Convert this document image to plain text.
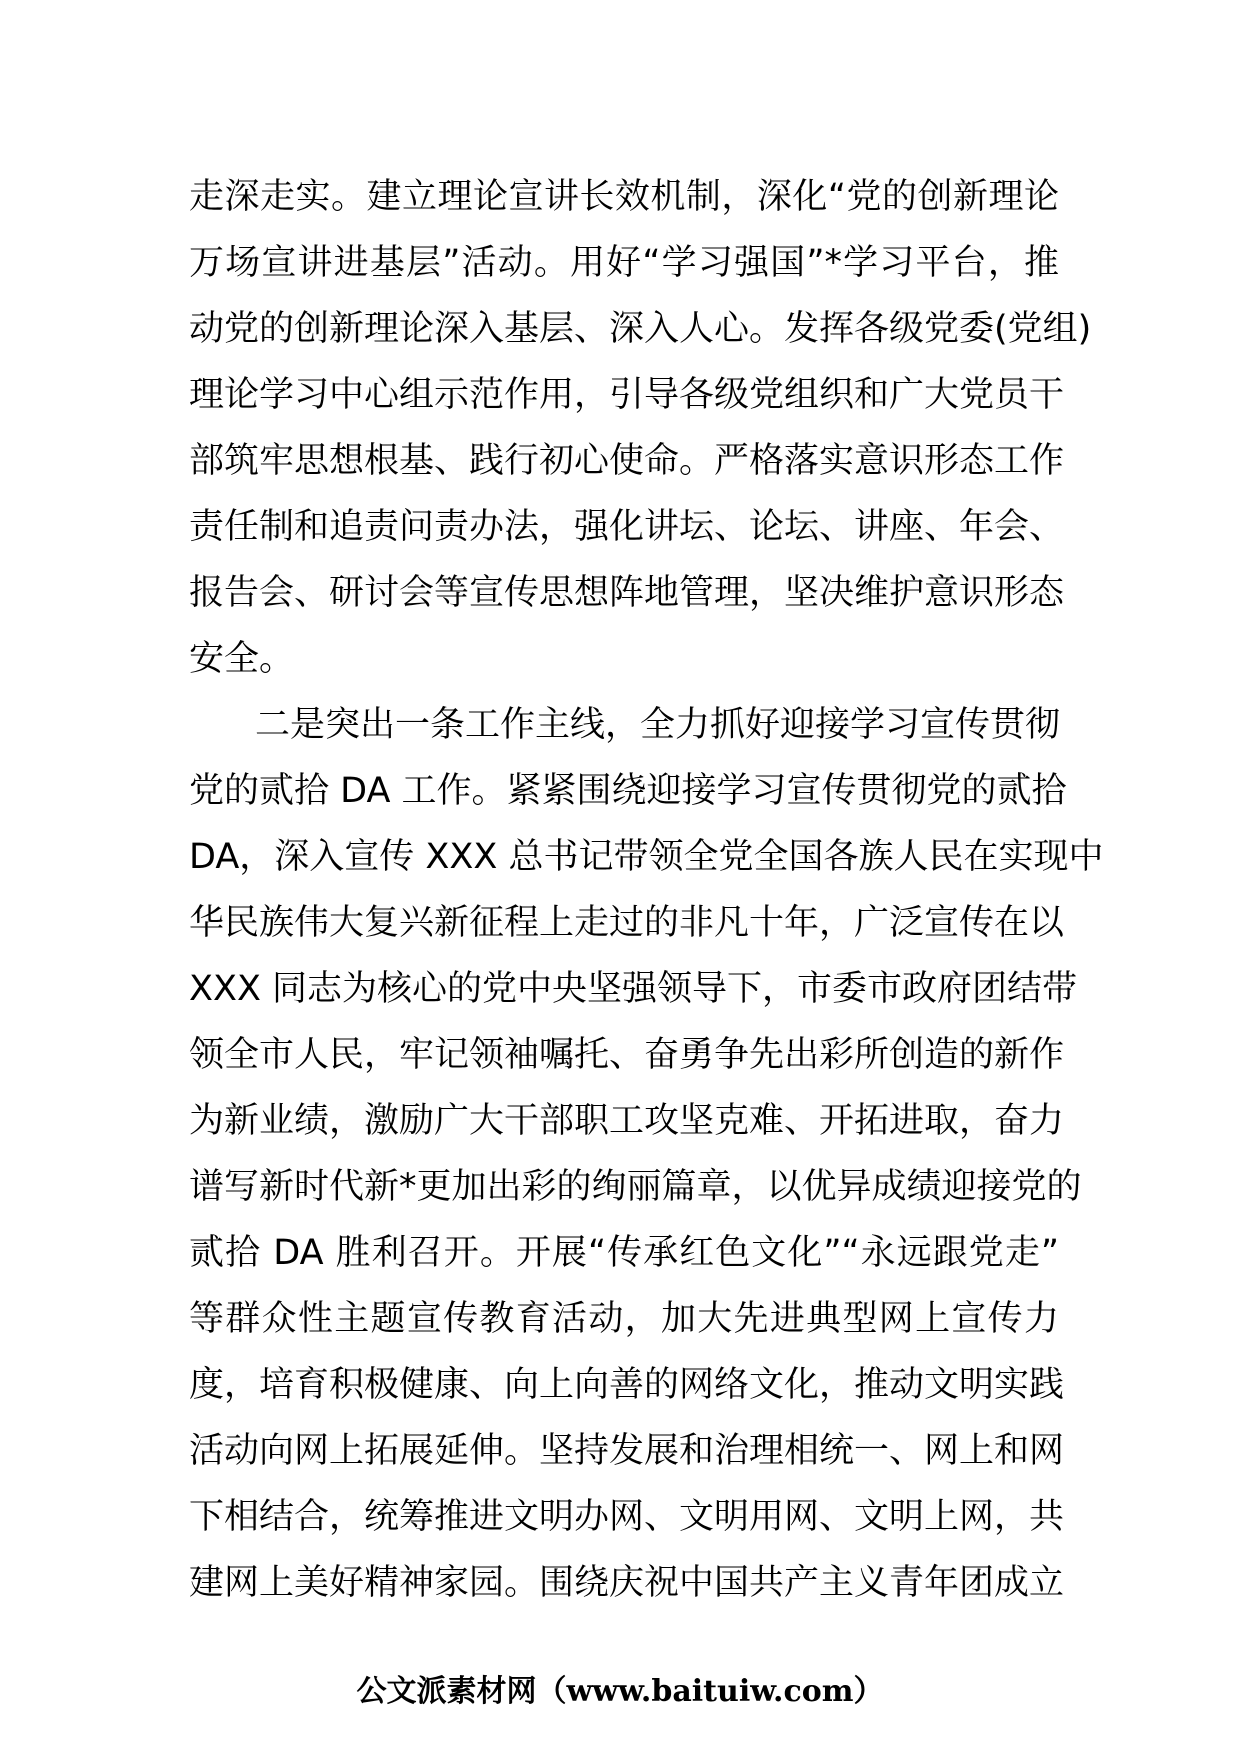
走深走实。建立理论宣讲长效机制，深化“党的创新理论
万场宣讲进基层”活动。用好“学习强国”*学习平台，推
动党的创新理论深入基层、深入人心。发挥各级党委(党组)
理论学习中心组示范作用，引导各级党组织和广大党员干
部筑牢思想根基、践行初心使命。严格落实意识形态工作
责任制和追责问责办法，强化讲坛、论坛、讲座、年会、
报告会、研讨会等宣传思想阵地管理，坚决维护意识形态
安全。
二是突出一条工作主线，全力抓好迎接学习宣传贯彻
党的贰拾 DA 工作。紧紧围绕迎接学习宣传贯彻党的贰拾
DA，深入宣传 XXX 总书记带领全党全国各族人民在实现中
华民族伟大复兴新征程上走过的非凡十年，广泛宣传在以
XXX 同志为核心的党中央坚强领导下，市委市政府团结带
领全市人民，牢记领袖嘱托、奋勇争先出彩所创造的新作
为新业绩，激励广大干部职工攻坚克难、开拓进取，奋力
谱写新时代新*更加出彩的绚丽篇章，以优异成绩迎接党的
贰拾 DA 胜利召开。开展“传承红色文化”“永远跟党走”
等群众性主题宣传教育活动，加大先进典型网上宣传力
度，培育积极健康、向上向善的网络文化，推动文明实践
活动向网上拓展延伸。坚持发展和治理相统一、网上和网
下相结合，统筹推进文明办网、文明用网、文明上网，共
建网上美好精神家园。围绕庆祝中国共产主义青年团成立
公文派素材网（www.baituiw.com）
